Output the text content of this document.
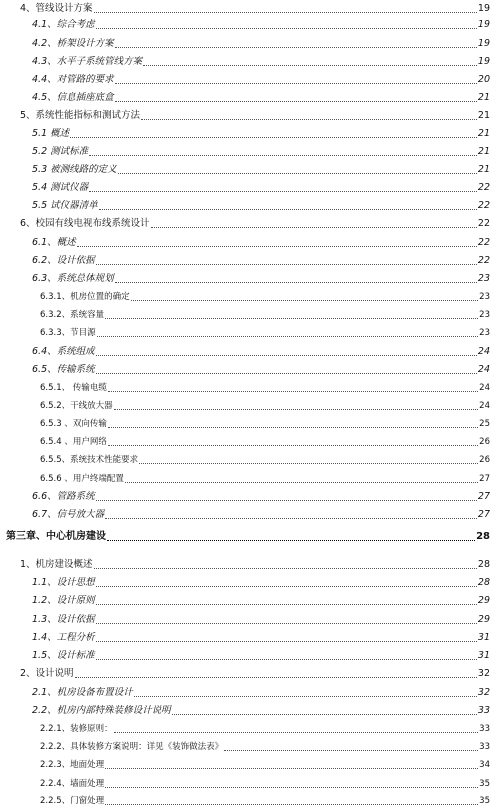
4、管线设计方案	19
4.1、综合考虑	19
4.2、桥架设计方案	19
4.3、水平子系统管线方案	19
4.4、对管路的要求	20
4.5、信息插座底盒	21
5、系统性能指标和测试方法	21
5.1 概述	21
5.2 测试标准	21
5.3 被测线路的定义	21
5.4 测试仪器	22
5.5 试仪器清单	22
6、校园有线电视布线系统设计	22
6.1、概述	22
6.2、设计依据	22
6.3、系统总体规划	23
6.3.1、机房位置的确定	23
6.3.2、系统容量	23
6.3.3、节目源	23
6.4、系统组成	24
6.5、传输系统	24
6.5.1、 传输电缆	24
6.5.2、干线放大器	24
6.5.3 、双向传输	25
6.5.4 、用户网络	26
6.5.5、系统技术性能要求	26
6.5.6 、用户终端配置	27
6.6、管路系统	27
6.7、信号放大器	27
第三章、中心机房建设	28
1、机房建设概述	28
1.1、设计思想	28
1.2、设计原则	29
1.3、设计依据	29
1.4、工程分析	31
1.5、设计标准	31
2、设计说明	32
2.1、机房设备布置设计	32
2.2、机房内部特殊装修设计说明	33
2.2.1、装修原则：	33
2.2.2、具体装修方案说明：详见《装饰做法表》	33
2.2.3、地面处理	34
2.2.4、墙面处理	35
2.2.5、门窗处理	35
